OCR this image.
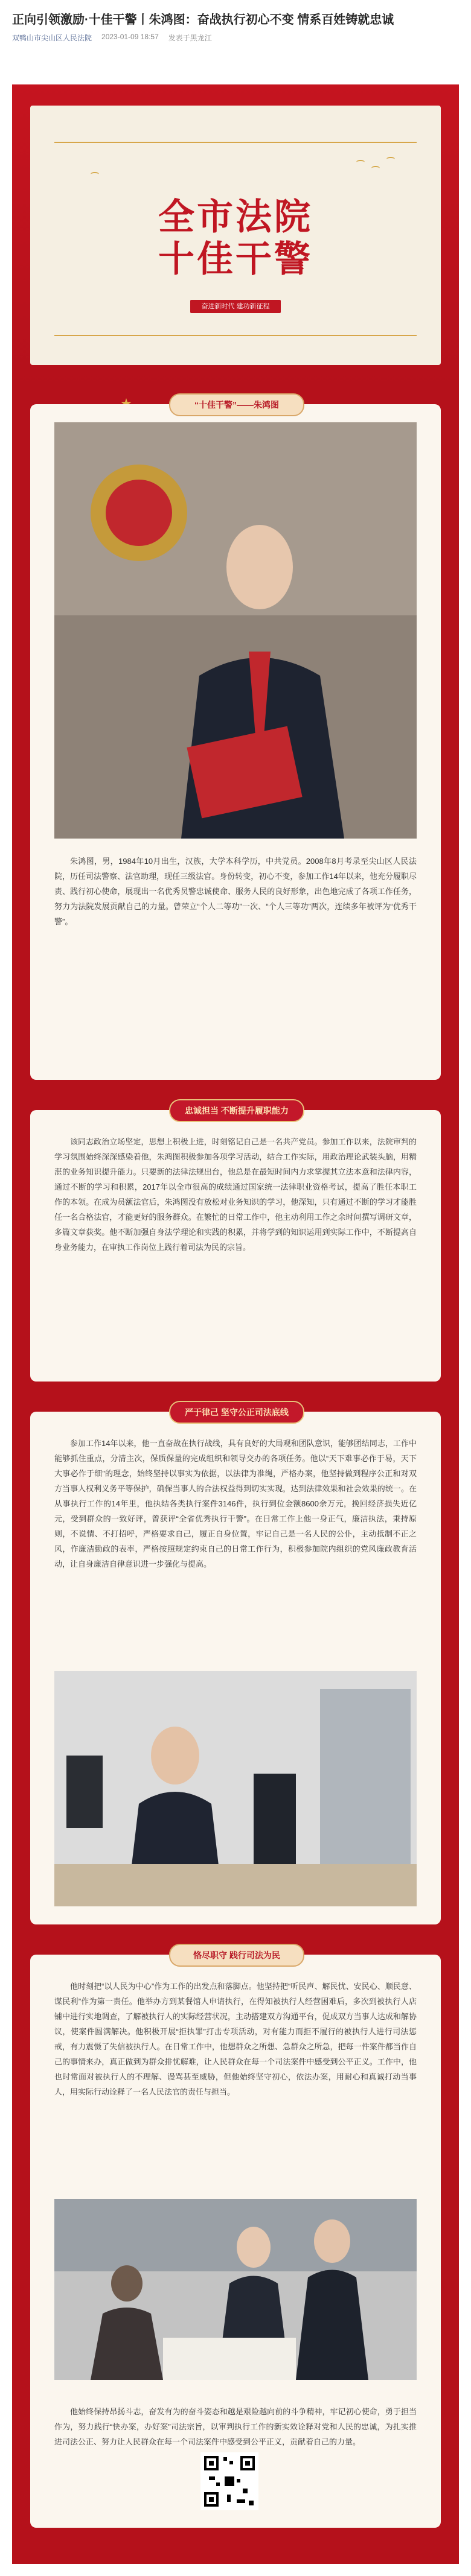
正向引领激励·十佳干警丨朱鸿图：奋战执行初心不变 情系百姓铸就忠诚
双鸭山市尖山区人民法院 2023-01-09 18:57 发表于黑龙江
全市法院
十佳干警
奋进新时代 建功新征程
“十佳干警”——朱鸿图

朱鸿图，男，1984年10月出生，汉族，大学本科学历，中共党员。2008年8月考录至尖山区人民法院，历任司法警察、法官助理，现任三级法官。身份转变，初心不变，参加工作14年以来，他充分履职尽责、践行初心使命，展现出一名优秀员警忠诚使命、服务人民的良好形象，出色地完成了各项工作任务，努力为法院发展贡献自己的力量。曾荣立“个人二等功”一次、“个人三等功”两次，连续多年被评为“优秀干警”。

忠诚担当 不断提升履职能力

该同志政治立场坚定，思想上积极上进，时刻铭记自己是一名共产党员。参加工作以来，法院审判的学习氛围始终深深感染着他，朱鸿图积极参加各项学习活动，结合工作实际，用政治理论武装头脑，用精湛的业务知识提升能力。只要新的法律法规出台，他总是在最短时间内力求掌握其立法本意和法律内容，通过不断的学习和积累，2017年以全市很高的成绩通过国家统一法律职业资格考试，提高了胜任本职工作的本领。在成为员额法官后，朱鸿图没有放松对业务知识的学习，他深知，只有通过不断的学习才能胜任一名合格法官，才能更好的服务群众。在繁忙的日常工作中，他主动利用工作之余时间撰写调研文章，多篇文章获奖。他不断加强自身法学理论和实践的积累，并将学到的知识运用到实际工作中，不断提高自身业务能力，在审执工作岗位上践行着司法为民的宗旨。

严于律己 坚守公正司法底线

参加工作14年以来，他一直奋战在执行战线，具有良好的大局观和团队意识，能够团结同志，工作中能够抓住重点，分清主次，保质保量的完成组织和领导交办的各项任务。他以“天下难事必作于易，天下大事必作于细”的理念，始终坚持以事实为依据，以法律为准绳，严格办案，他坚持做到程序公正和对双方当事人权利义务平等保护，确保当事人的合法权益得到切实实现，达到法律效果和社会效果的统一。在从事执行工作的14年里，他执结各类执行案件3146件，执行到位金额8600余万元，挽回经济损失近亿元，受到群众的一致好评，曾获评“全省优秀执行干警”。在日常工作上他一身正气，廉洁执法，秉持原则，不说情、不打招呼，严格要求自己，履正自身位置，牢记自己是一名人民的公仆，主动抵制不正之风，作廉洁勤政的表率，严格按照规定约束自己的日常工作行为，积极参加院内组织的党风廉政教育活动，让自身廉洁自律意识进一步强化与提高。

恪尽职守 践行司法为民

他时刻把“以人民为中心”作为工作的出发点和落脚点。他坚持把“听民声、解民忧、安民心、顺民意、谋民利”作为第一责任。他举办方到某餐馆人申请执行，在得知被执行人经营困难后，多次到被执行人店铺中进行实地调查，了解被执行人的实际经营状况，主动搭建双方沟通平台，促成双方当事人达成和解协议，使案件圆满解决。他积极开展“拒执罪”打击专项活动，对有能力而拒不履行的被执行人进行司法惩戒，有力震慑了失信被执行人。在日常工作中，他想群众之所想、急群众之所急，把每一件案件都当作自己的事情来办，真正做到为群众排忧解难，让人民群众在每一个司法案件中感受到公平正义。工作中，他也时常面对被执行人的不理解、谩骂甚至威胁，但他始终坚守初心，依法办案，用耐心和真诚打动当事人，用实际行动诠释了一名人民法官的责任与担当。

他始终保持昂扬斗志，奋发有为的奋斗姿态和越是艰险越向前的斗争精神，牢记初心使命，勇于担当作为，努力践行“快办案，办好案”司法宗旨，以审判执行工作的新实效诠释对党和人民的忠诚，为扎实推进司法公正、努力让人民群众在每一个司法案件中感受到公平正义，贡献着自己的力量。
